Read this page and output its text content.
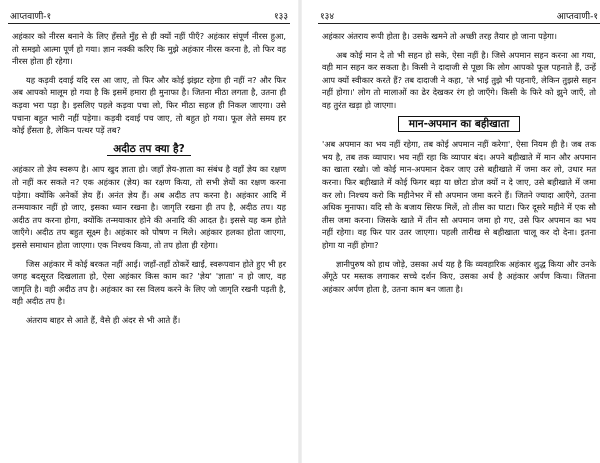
आप्तवाणी-१	१३३

अहंकार को नीरस बनाने के लिए हँसते मुँह से ही क्यों नहीं पीएँ? अहंकार संपूर्ण नीरस हुआ, तो समझो आत्मा पूर्ण हो गया। ज्ञान नक्की करिए कि मुझे अहंकार नीरस करना है, तो फिर वह नीरस होता ही रहेगा।

यह कड़वी दवाई यदि रस आ जाए, तो फिर और कोई झंझट रहेगा ही नहीं न? और फिर अब आपको मालूम हो गया है कि इसमें हमारा ही मुनाफा है। जितना मीठा लगता है, उतना ही कड़वा भरा पड़ा है। इसलिए पहले कड़वा पचा लो, फिर मीठा सहज ही निकल जाएगा। उसे पचाना बहुत भारी नहीं पड़ेगा। कड़वी दवाई पच जाए, तो बहुत हो गया। फूल लेते समय हर कोई हँसता है, लेकिन पत्थर पड़ें तब?

अदीठ तप क्या है?

अहंकार तो ज्ञेय स्वरूप है। आप खुद ज्ञाता हो। जहाँ ज्ञेय-ज्ञाता का संबंध है वहाँ ज्ञेय का रक्षण तो नहीं कर सकते न? एक अहंकार (ज्ञेय) का रक्षण किया, तो सभी ज्ञेयों का रक्षण करना पड़ेगा। क्योंकि अनेकों ज्ञेय हैं। अनंत ज्ञेय हैं। अब अदीठ तप करना है। अहंकार आदि में तन्मयाकार नहीं हो जाए, इसका ध्यान रखना है। जागृति रखना ही तप है, अदीठ तप। यह अदीठ तप करना होगा, क्योंकि तन्मयाकार होने की अनादि की आदत है। इससे यह कम होते जाएँगे। अदीठ तप बहुत सूक्ष्म है। अहंकार को पोषण न मिले। अहंकार हलका होता जाएगा, इससे समाधान होता जाएगा। एक निश्चय किया, तो तप होता ही रहेगा।

जिस अहंकार में कोई बरकत नहीं आई। जहाँ-तहाँ ठोकरें खाईं, स्वरूपवान होते हुए भी हर जगह बदसूरत दिखलाता हो, ऐसा अहंकार किस काम का? 'ज्ञेय' 'ज्ञाता' न हो जाए, वह जागृति है। वही अदीठ तप है। अहंकार का रस विलय करने के लिए जो जागृति रखनी पड़ती है, वही अदीठ तप है।

अंतराय बाहर से आते हैं, वैसे ही अंदर से भी आते हैं।

१३४	आप्तवाणी-१

अहंकार अंतराय रूपी होता है। उसके खमने तो अच्छी तरह तैयार हो जाना पड़ेगा।

अब कोई मान दे तो भी सहन हो सके, ऐसा नहीं है। जिसे अपमान सहन करना आ गया, वही मान सहन कर सकता है। किसी ने दादाजी से पूछा कि लोग आपको फूल पहनाते हैं, उन्हें आप क्यों स्वीकार करते हैं? तब दादाजी ने कहा, 'ले भाई तुझे भी पहनाएँ, लेकिन तुझसे सहन नहीं होगा।' लोग तो मालाओं का ढेर देखकर रंग हो जाएँगे। किसी के फिरे को झुने जाएँ, तो वह तुरंत खड़ा हो जाएगा।

मान-अपमान का बहीखाता

'अब अपमान का भय नहीं रहेगा, तब कोई अपमान नहीं करेगा', ऐसा नियम ही है। जब तक भय है, तब तक व्यापार। भय नहीं रहा कि व्यापार बंद। अपने बहीखाते में मान और अपमान का खाता रखो। जो कोई मान-अपमान देकर जाए उसे बहीखाते में जमा कर लो, उधार मत करना। फिर बहीखाते में कोई फिगर बड़ा या छोटा डोज क्यों न दे जाए, उसे बहीखाते में जमा कर लो। निश्चय करो कि महीनेभर में सौ अपमान जमा करने हैं। जितने ज्यादा आएँगे, उतना अधिक मुनाफा। यदि सौ के बजाय सिरफ मिलें, तो तीस का घाटा। फिर दूसरे महीने में एक सौ तीस जमा करना। जिसके खाते में तीन सौ अपमान जमा हो गए, उसे फिर अपमान का भय नहीं रहेगा। वह फिर पार उतर जाएगा। पहली तारीख से बहीखाता चालू कर दो देना। इतना होगा या नहीं होगा?

ज्ञानीपुरुष को हाथ जोड़े, उसका अर्थ यह है कि व्यवहारिक अहंकार शुद्ध किया और उनके अँगूठे पर मस्तक लगाकर सच्चे दर्शन किए, उसका अर्थ है अहंकार अर्पण किया। जितना अहंकार अर्पण होता है, उतना काम बन जाता है।
